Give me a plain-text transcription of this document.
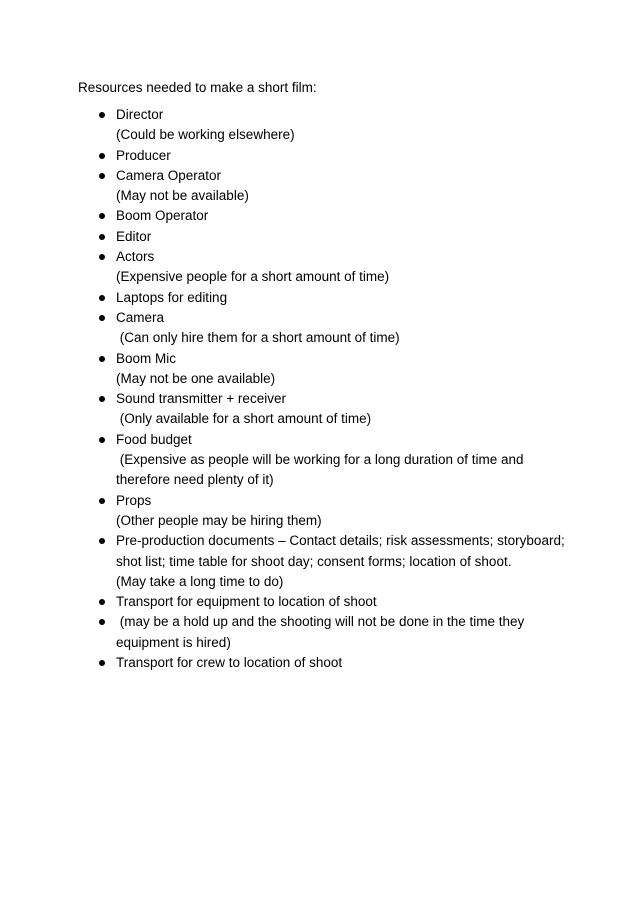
Resources needed to make a short film:
Director
(Could be working elsewhere)
Producer
Camera Operator
(May not be available)
Boom Operator
Editor
Actors
(Expensive people for a short amount of time)
Laptops for editing
Camera
(Can only hire them for a short amount of time)
Boom Mic
(May not be one available)
Sound transmitter + receiver
(Only available for a short amount of time)
Food budget
(Expensive as people will be working for a long duration of time and therefore need plenty of it)
Props
(Other people may be hiring them)
Pre-production documents – Contact details; risk assessments; storyboard; shot list; time table for shoot day; consent forms; location of shoot.
(May take a long time to do)
Transport for equipment to location of shoot
(may be a hold up and the shooting will not be done in the time they equipment is hired)
Transport for crew to location of shoot
